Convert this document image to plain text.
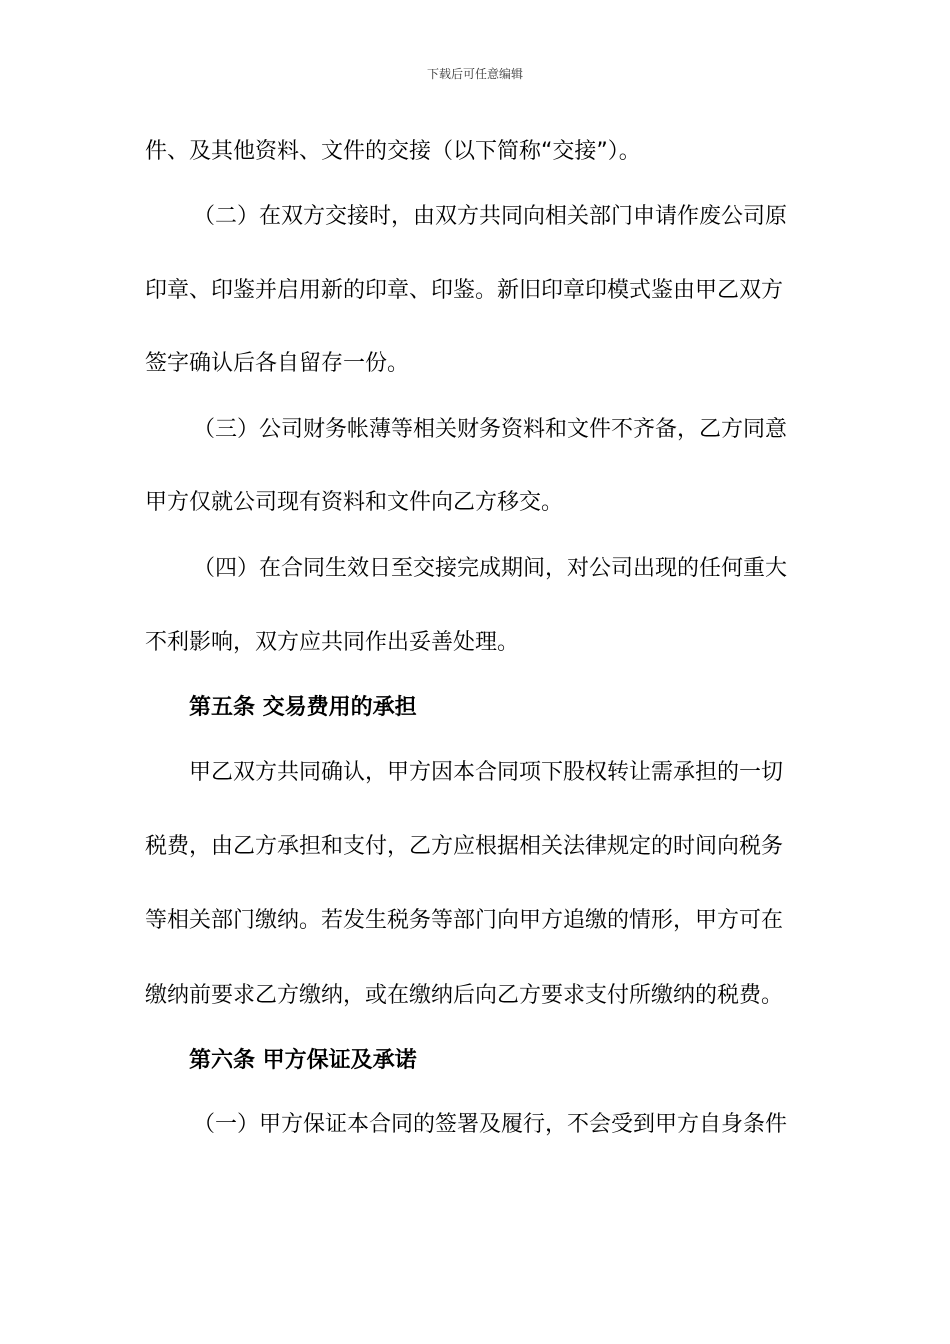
下载后可任意编辑
件、及其他资料、文件的交接（以下简称“交接”）。
（二）在双方交接时，由双方共同向相关部门申请作废公司原
印章、印鉴并启用新的印章、印鉴。新旧印章印模式鉴由甲乙双方
签字确认后各自留存一份。
（三）公司财务帐薄等相关财务资料和文件不齐备，乙方同意
甲方仅就公司现有资料和文件向乙方移交。
（四）在合同生效日至交接完成期间，对公司出现的任何重大
不利影响，双方应共同作出妥善处理。
第五条 交易费用的承担
甲乙双方共同确认，甲方因本合同项下股权转让需承担的一切
税费，由乙方承担和支付，乙方应根据相关法律规定的时间向税务
等相关部门缴纳。若发生税务等部门向甲方追缴的情形，甲方可在
缴纳前要求乙方缴纳，或在缴纳后向乙方要求支付所缴纳的税费。
第六条 甲方保证及承诺
（一）甲方保证本合同的签署及履行，不会受到甲方自身条件
